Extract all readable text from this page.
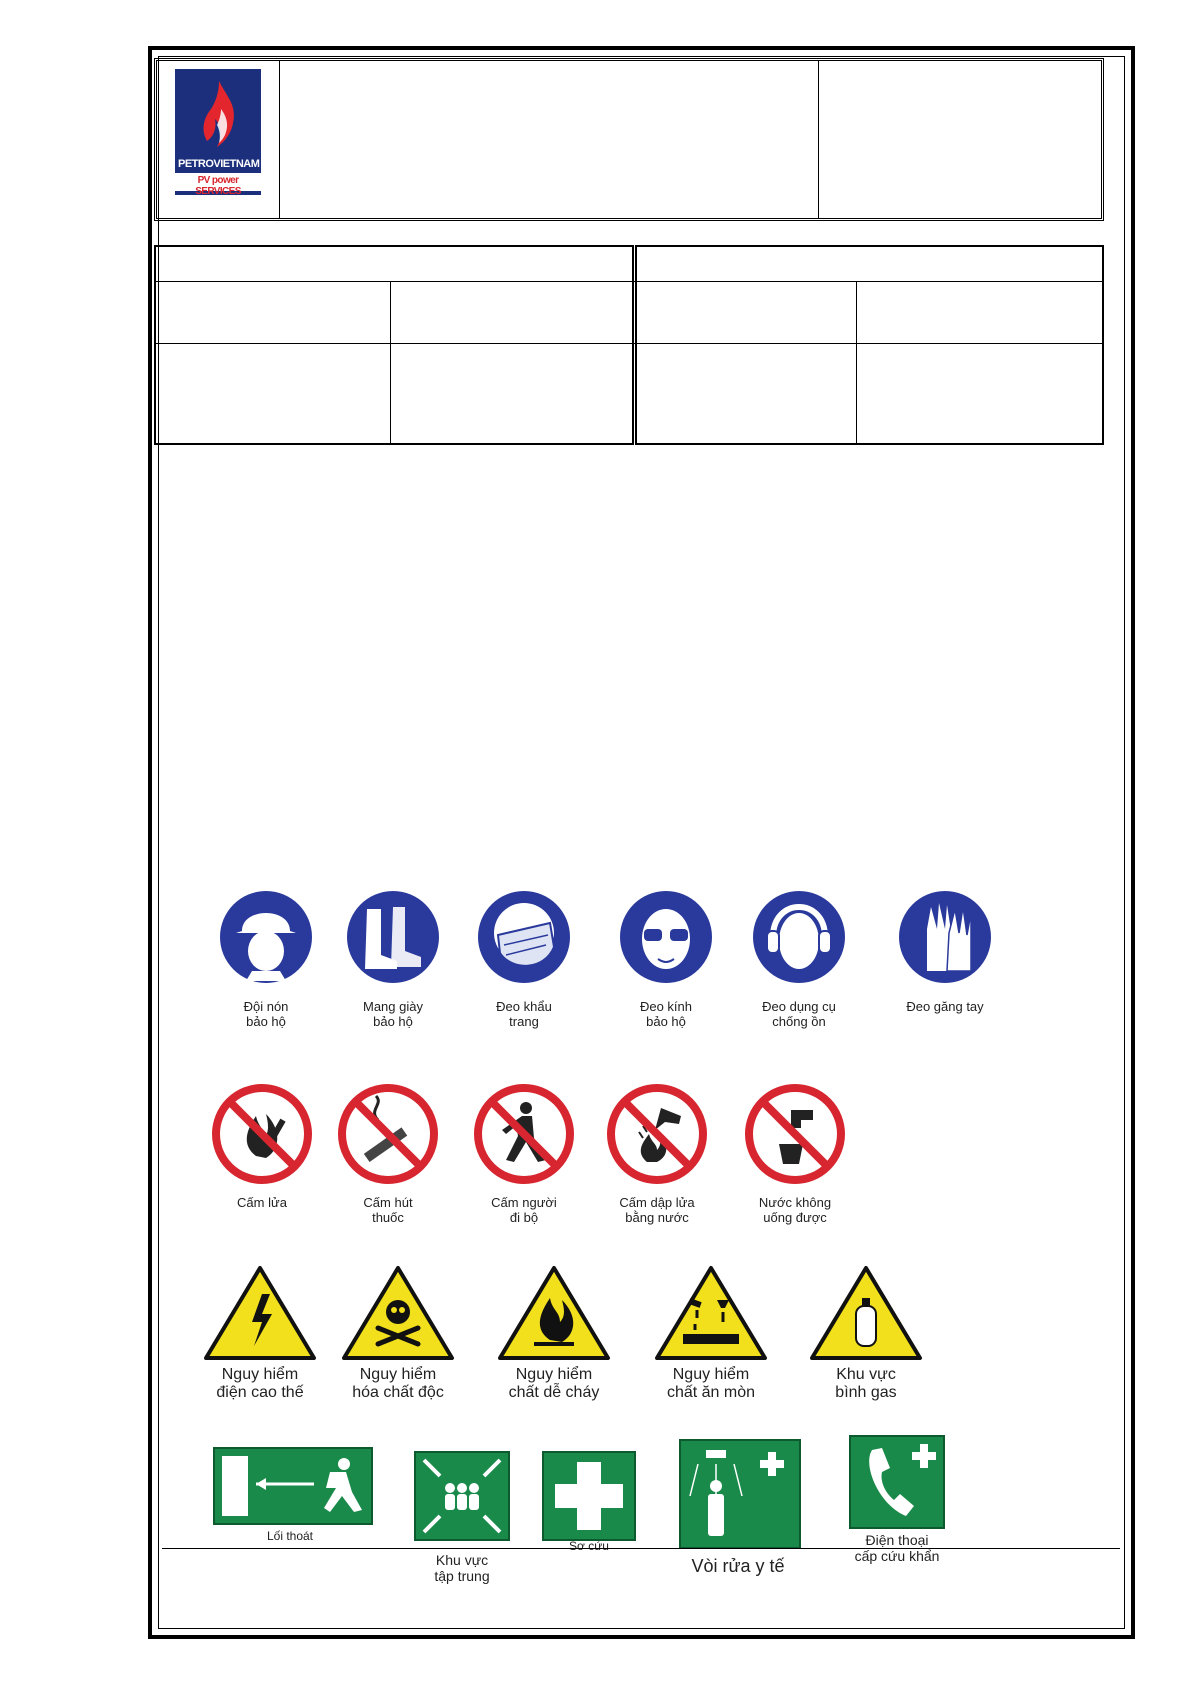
PETROVIETNAM
PV power SERVICES
Đội nón
bảo hộ
Mang giày
bảo hộ
Đeo khẩu
trang
Đeo kính
bảo hộ
Đeo dụng cụ
chống ồn
Đeo găng tay
Cấm lửa	Cấm hút
thuốc
Cấm người
đi bộ
Cấm dập lửa
bằng nước
Nước không
uống được
Nguy hiểm
điện cao thế
Nguy hiểm
hóa chất độc
Nguy hiểm
chất dễ cháy
Nguy hiểm
chất ăn mòn
Khu vực
bình gas
Lối thoát
Khu vực
tập trung
Sơ cứu
Vòi rửa y tế
Điện thoại
cấp cứu khẩn
